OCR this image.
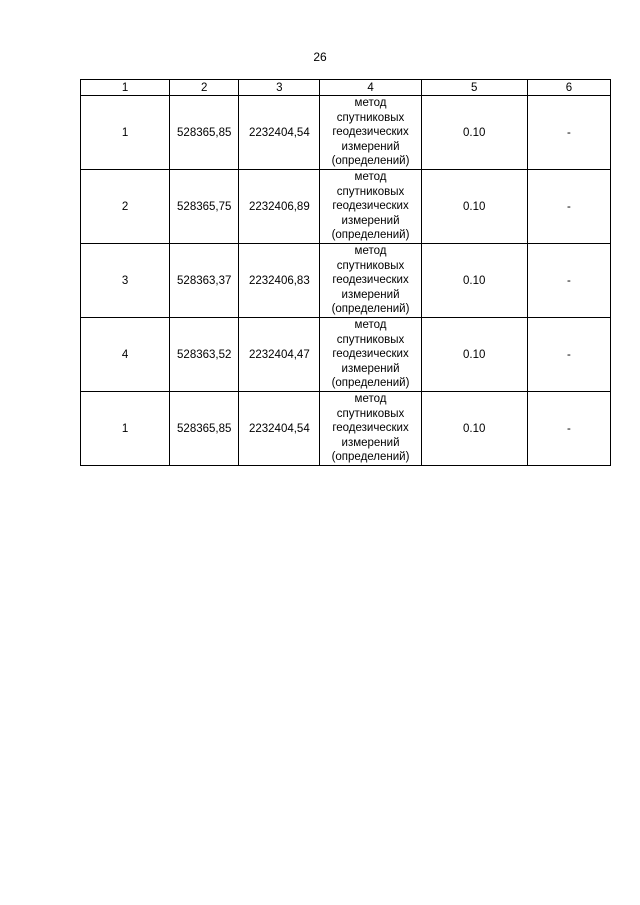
26
1	2	3	4	5	6
1	528365,85	2232404,54	метод спутниковых геодезических измерений (определений)	0.10	-
2	528365,75	2232406,89	метод спутниковых геодезических измерений (определений)	0.10	-
3	528363,37	2232406,83	метод спутниковых геодезических измерений (определений)	0.10	-
4	528363,52	2232404,47	метод спутниковых геодезических измерений (определений)	0.10	-
1	528365,85	2232404,54	метод спутниковых геодезических измерений (определений)	0.10	-
